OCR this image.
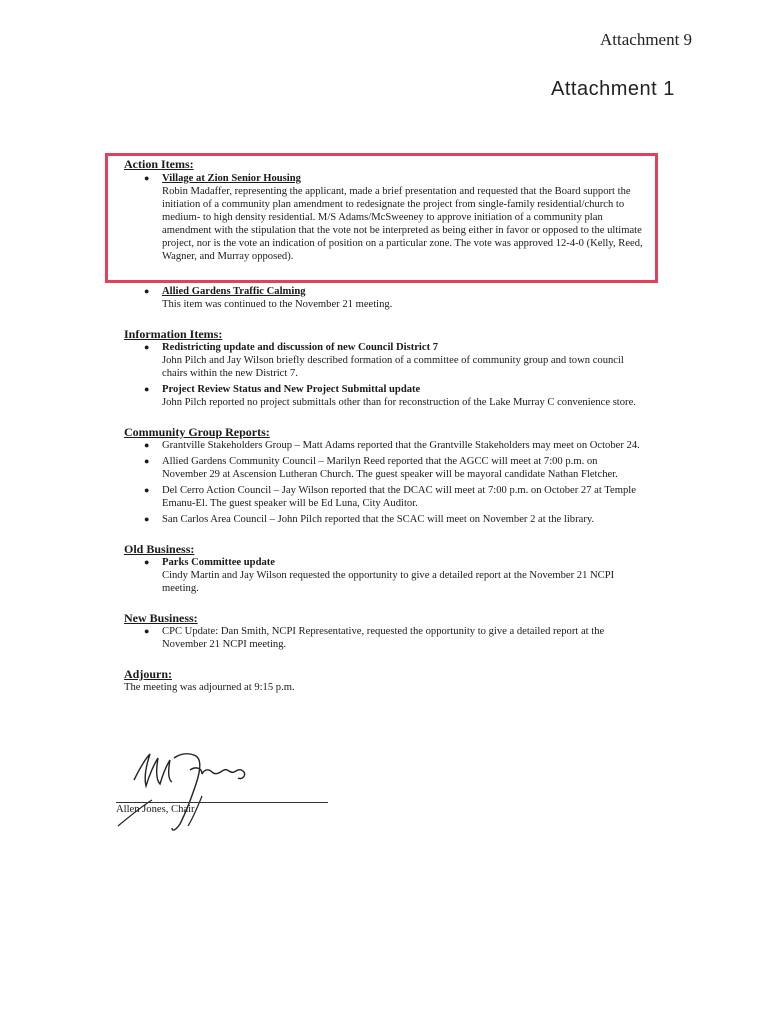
Attachment 9
Attachment 1

Action Items:

● Village at Zion Senior Housing
Robin Madaffer, representing the applicant, made a brief presentation and requested that the Board support the initiation of a community plan amendment to redesignate the project from single-family residential/church to medium- to high density residential. M/S Adams/McSweeney to approve initiation of a community plan amendment with the stipulation that the vote not be interpreted as being either in favor or opposed to the ultimate project, nor is the vote an indication of position on a particular zone. The vote was approved 12-4-0 (Kelly, Reed, Wagner, and Murray opposed).
● Allied Gardens Traffic Calming
This item was continued to the November 21 meeting.

Information Items:

● Redistricting update and discussion of new Council District 7
John Pilch and Jay Wilson briefly described formation of a committee of community group and town council chairs within the new District 7.
● Project Review Status and New Project Submittal update
John Pilch reported no project submittals other than for reconstruction of the Lake Murray C convenience store.

Community Group Reports:

● Grantville Stakeholders Group – Matt Adams reported that the Grantville Stakeholders may meet on October 24.
● Allied Gardens Community Council – Marilyn Reed reported that the AGCC will meet at 7:00 p.m. on November 29 at Ascension Lutheran Church. The guest speaker will be mayoral candidate Nathan Fletcher.
● Del Cerro Action Council – Jay Wilson reported that the DCAC will meet at 7:00 p.m. on October 27 at Temple Emanu-El. The guest speaker will be Ed Luna, City Auditor.
● San Carlos Area Council – John Pilch reported that the SCAC will meet on November 2 at the library.

Old Business:

● Parks Committee update
Cindy Martin and Jay Wilson requested the opportunity to give a detailed report at the November 21 NCPI meeting.

New Business:

● CPC Update: Dan Smith, NCPI Representative, requested the opportunity to give a detailed report at the November 21 NCPI meeting.

Adjourn:

The meeting was adjourned at 9:15 p.m.
Allen Jones, Chair
